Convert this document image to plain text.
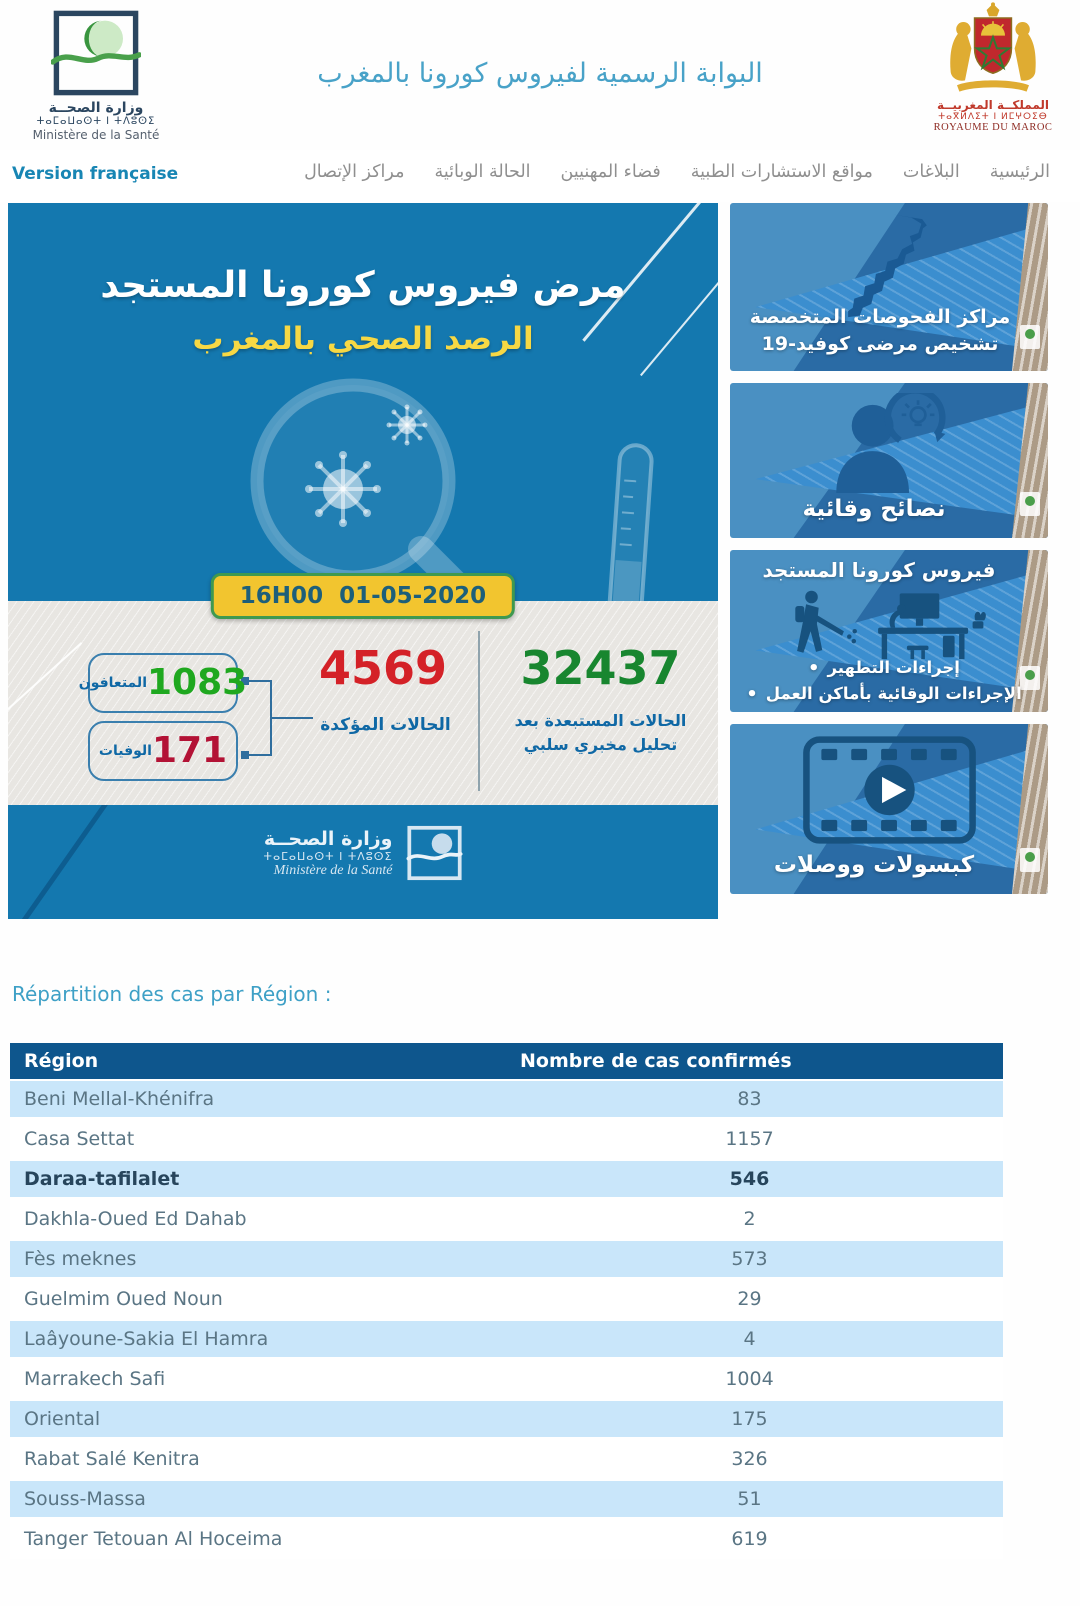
وزارة الصحــة
ⵜⴰⵎⴰⵡⴰⵙⵜ ⵏ ⵜⴷⵓⵙⵉ
Ministère de la Santé
البوابة الرسمية لفيروس كورونا بالمغرب
المملكــة المغربيــة
ⵜⴰⴳⵍⴷⵉⵜ ⵏ ⵍⵎⵖⵔⵉⴱ
ROYAUME DU MAROC
Version française	الرئيسية
البلاغات
مواقع الاستشارات الطبية
فضاء المهنيين
الحالة الوبائية
مراكز الإتصال
مرض فيروس كورونا المستجد
الرصد الصحي بالمغرب
16H00 01-05-2020
1083
المتعافون
171
الوفيات
4569
الحالات المؤكدة
32437
الحالات المستبعدة بعد
تحليل مخبري سلبي
وزارة الصحــة
ⵜⴰⵎⴰⵡⴰⵙⵜ ⵏ ⵜⴷⵓⵙⵉ
Ministère de la Santé
مراكز الفحوصات المتخصصة
تشخيص مرضى كوفيد-19
نصائح وقائية
فيروس كورونا المستجد
• إجراءات التطهير
• الإجراءات الوقائية بأماكن العمل
كبسولات ووصلات
Répartition des cas par Région :
Région	Nombre de cas confirmés
Beni Mellal-Khénifra	83
Casa Settat	1157
Daraa-tafilalet	546
Dakhla-Oued Ed Dahab	2
Fès meknes	573
Guelmim Oued Noun	29
Laâyoune-Sakia El Hamra	4
Marrakech Safi	1004
Oriental	175
Rabat Salé Kenitra	326
Souss-Massa	51
Tanger Tetouan Al Hoceima	619
